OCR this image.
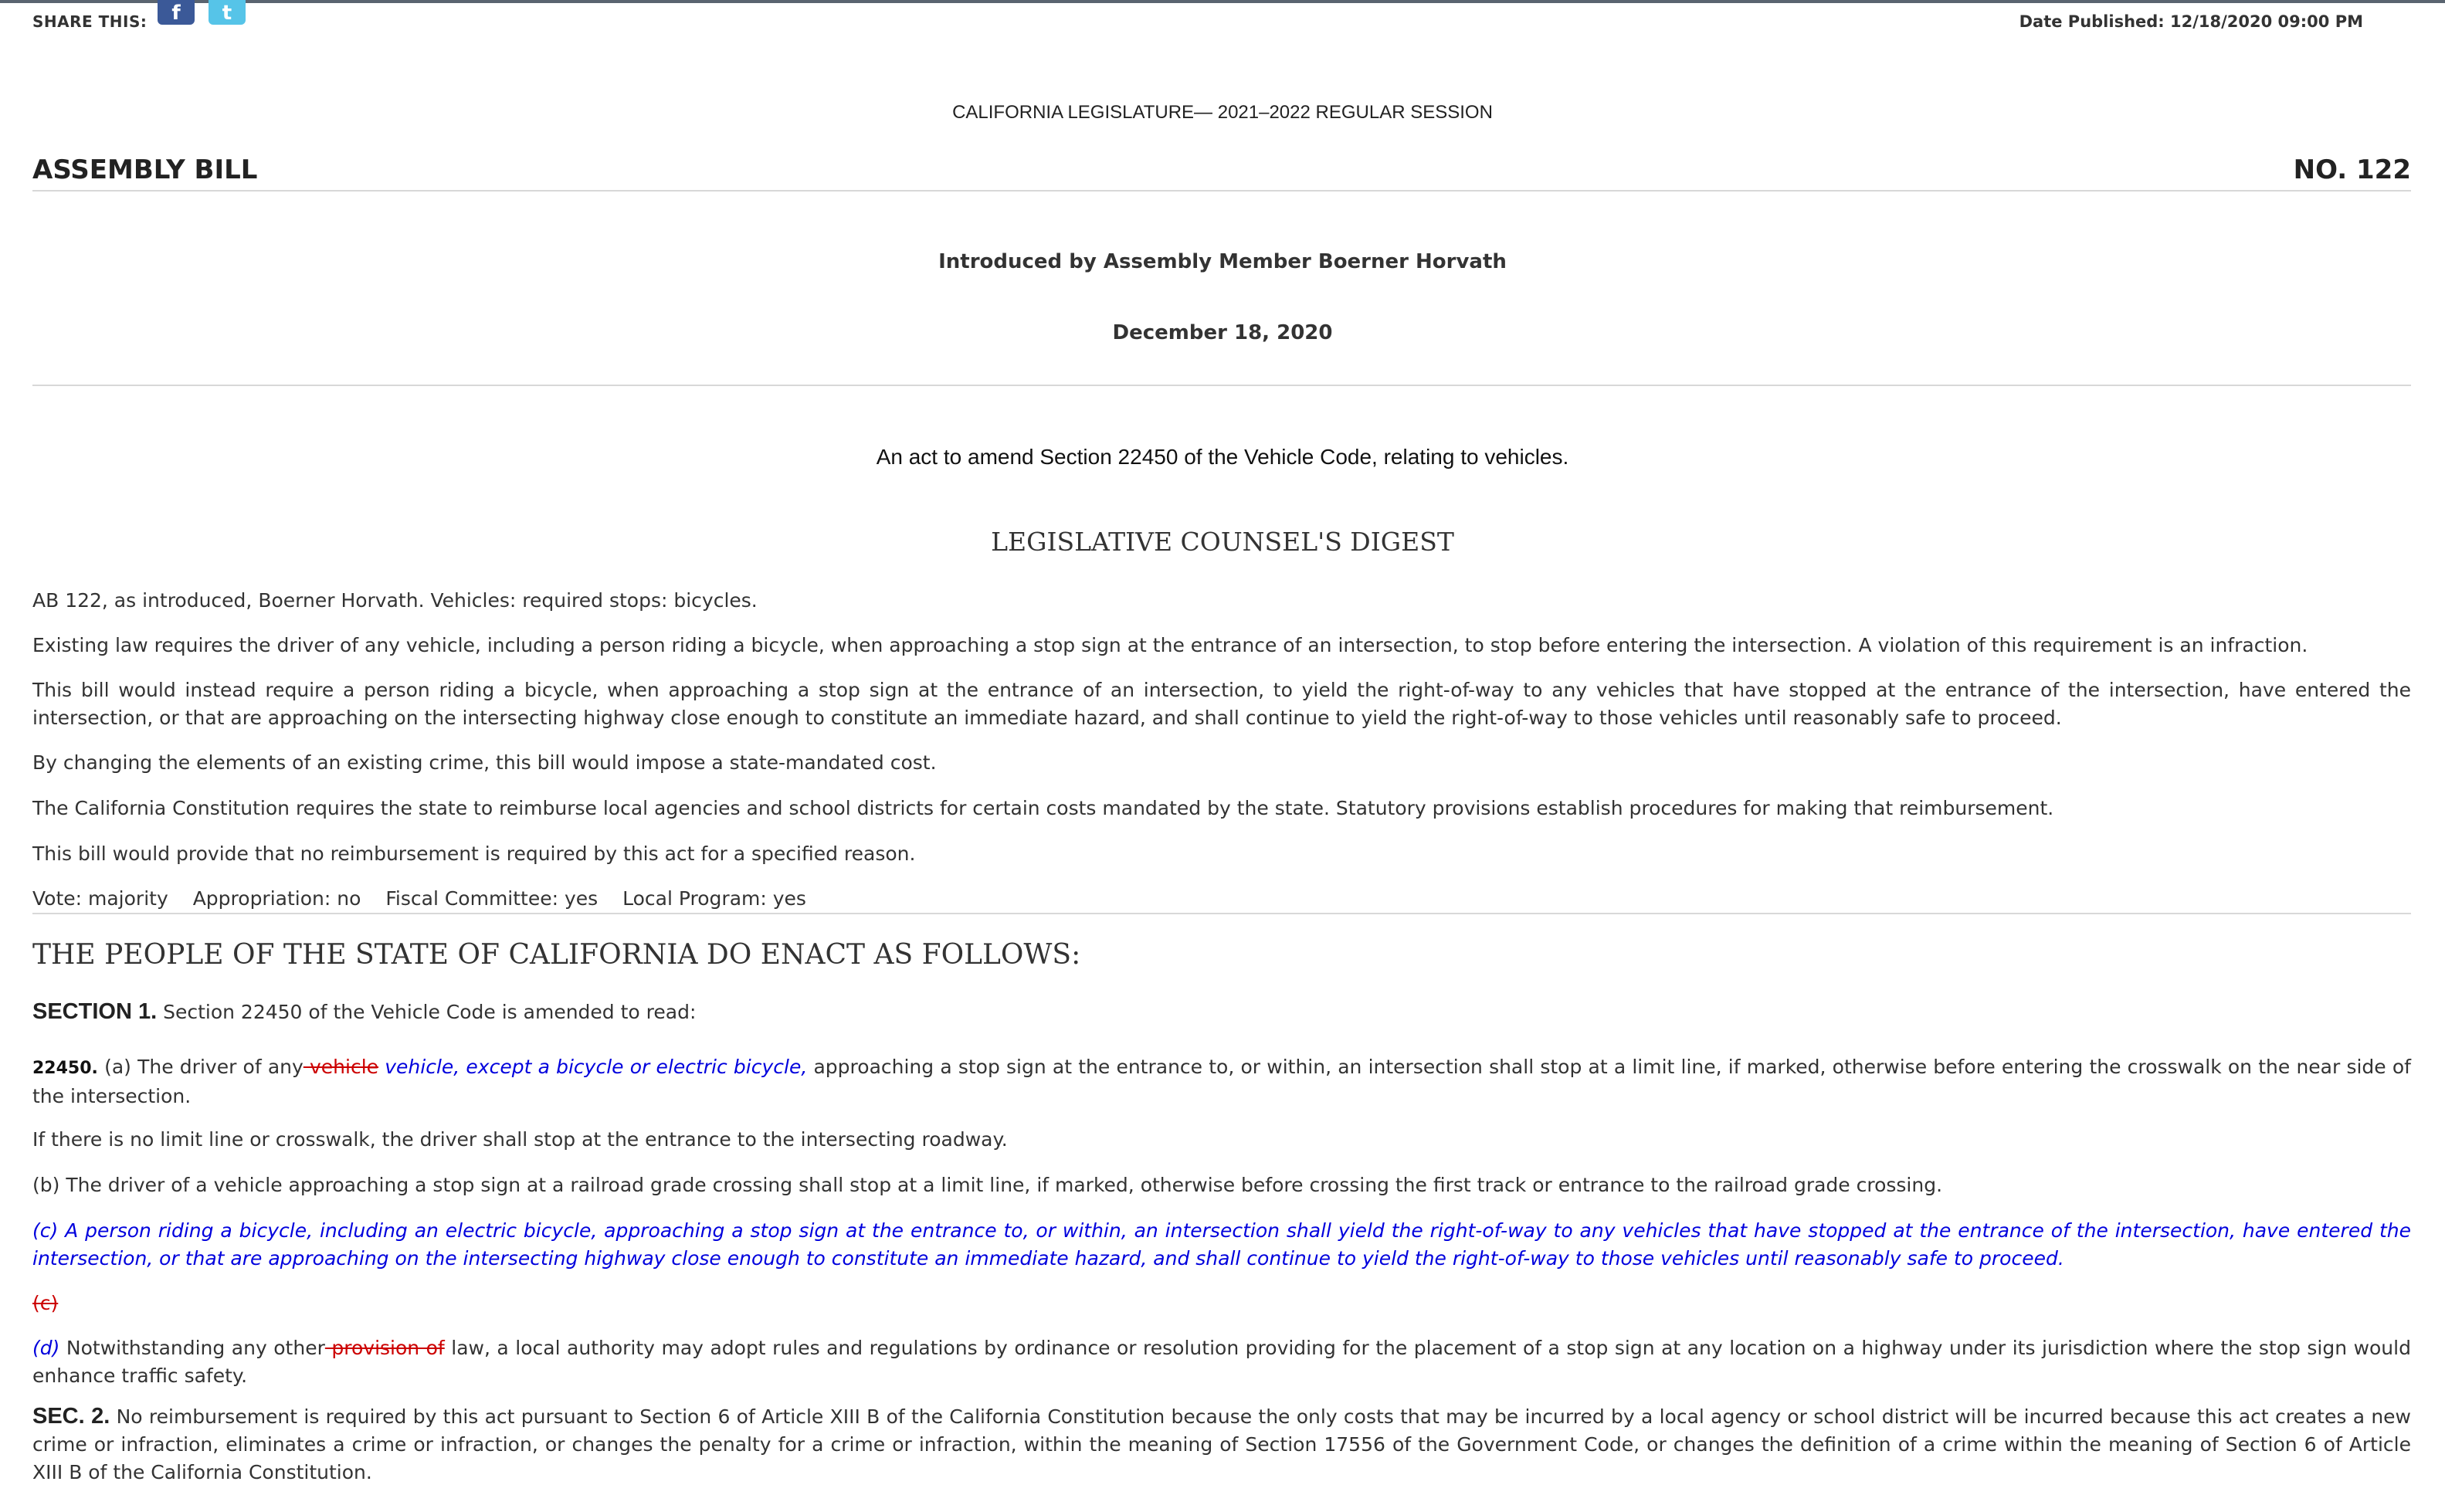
SHARE THIS:	f	t	Date Published: 12/18/2020 09:00 PM
CALIFORNIA LEGISLATURE— 2021–2022 REGULAR SESSION
ASSEMBLY BILL	NO. 122
Introduced by Assembly Member Boerner Horvath
December 18, 2020
An act to amend Section 22450 of the Vehicle Code, relating to vehicles.
LEGISLATIVE COUNSEL'S DIGEST
AB 122, as introduced, Boerner Horvath. Vehicles: required stops: bicycles.
Existing law requires the driver of any vehicle, including a person riding a bicycle, when approaching a stop sign at the entrance of an intersection, to stop before entering the intersection. A violation of this requirement is an infraction.
This bill would instead require a person riding a bicycle, when approaching a stop sign at the entrance of an intersection, to yield the right-of-way to any vehicles that have stopped at the entrance of the intersection, have entered the intersection, or that are approaching on the intersecting highway close enough to constitute an immediate hazard, and shall continue to yield the right-of-way to those vehicles until reasonably safe to proceed.
By changing the elements of an existing crime, this bill would impose a state-mandated cost.
The California Constitution requires the state to reimburse local agencies and school districts for certain costs mandated by the state. Statutory provisions establish procedures for making that reimbursement.
This bill would provide that no reimbursement is required by this act for a specified reason.
Vote: majority Appropriation: no Fiscal Committee: yes Local Program: yes
THE PEOPLE OF THE STATE OF CALIFORNIA DO ENACT AS FOLLOWS:
SECTION 1. Section 22450 of the Vehicle Code is amended to read:
22450. (a) The driver of any vehicle vehicle, except a bicycle or electric bicycle, approaching a stop sign at the entrance to, or within, an intersection shall stop at a limit line, if marked, otherwise before entering the crosswalk on the near side of the intersection.
If there is no limit line or crosswalk, the driver shall stop at the entrance to the intersecting roadway.
(b) The driver of a vehicle approaching a stop sign at a railroad grade crossing shall stop at a limit line, if marked, otherwise before crossing the first track or entrance to the railroad grade crossing.
(c) A person riding a bicycle, including an electric bicycle, approaching a stop sign at the entrance to, or within, an intersection shall yield the right-of-way to any vehicles that have stopped at the entrance of the intersection, have entered the intersection, or that are approaching on the intersecting highway close enough to constitute an immediate hazard, and shall continue to yield the right-of-way to those vehicles until reasonably safe to proceed.
(c)
(d) Notwithstanding any other provision of law, a local authority may adopt rules and regulations by ordinance or resolution providing for the placement of a stop sign at any location on a highway under its jurisdiction where the stop sign would enhance traffic safety.
SEC. 2. No reimbursement is required by this act pursuant to Section 6 of Article XIII B of the California Constitution because the only costs that may be incurred by a local agency or school district will be incurred because this act creates a new crime or infraction, eliminates a crime or infraction, or changes the penalty for a crime or infraction, within the meaning of Section 17556 of the Government Code, or changes the definition of a crime within the meaning of Section 6 of Article XIII B of the California Constitution.
